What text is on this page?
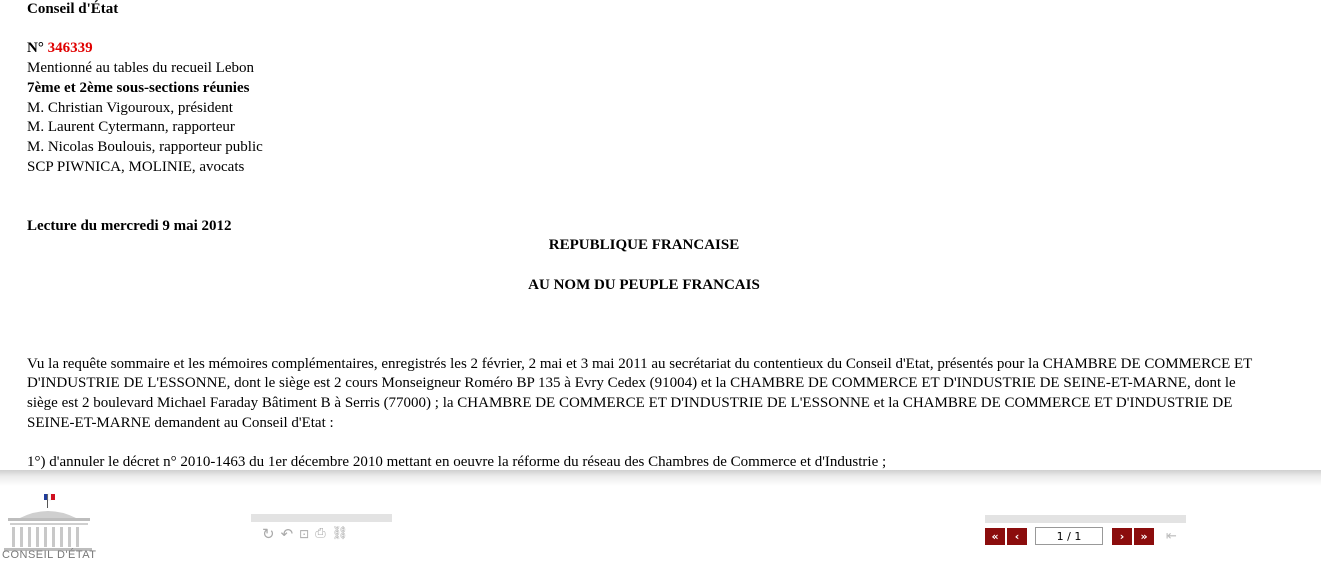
Conseil d'État
N° 346339
Mentionné au tables du recueil Lebon
7ème et 2ème sous-sections réunies
M. Christian Vigouroux, président
M. Laurent Cytermann, rapporteur
M. Nicolas Boulouis, rapporteur public
SCP PIWNICA, MOLINIE, avocats
Lecture du mercredi 9 mai 2012
REPUBLIQUE FRANCAISE
AU NOM DU PEUPLE FRANCAIS
Vu la requête sommaire et les mémoires complémentaires, enregistrés les 2 février, 2 mai et 3 mai 2011 au secrétariat du contentieux du Conseil d'Etat, présentés pour la CHAMBRE DE COMMERCE ET D'INDUSTRIE DE L'ESSONNE, dont le siège est 2 cours Monseigneur Roméro BP 135 à Evry Cedex (91004) et la CHAMBRE DE COMMERCE ET D'INDUSTRIE DE SEINE-ET-MARNE, dont le siège est 2 boulevard Michael Faraday Bâtiment B à Serris (77000) ; la CHAMBRE DE COMMERCE ET D'INDUSTRIE DE L'ESSONNE et la CHAMBRE DE COMMERCE ET D'INDUSTRIE DE SEINE-ET-MARNE demandent au Conseil d'Etat :
1°) d'annuler le décret n° 2010-1463 du 1er décembre 2010 mettant en oeuvre la réforme du réseau des Chambres de Commerce et d'Industrie ;
CONSEIL D'ÉTAT
↻ ↶ ⊡ ⎙ ⛓	«	‹
1 / 1	›	»	⇤
